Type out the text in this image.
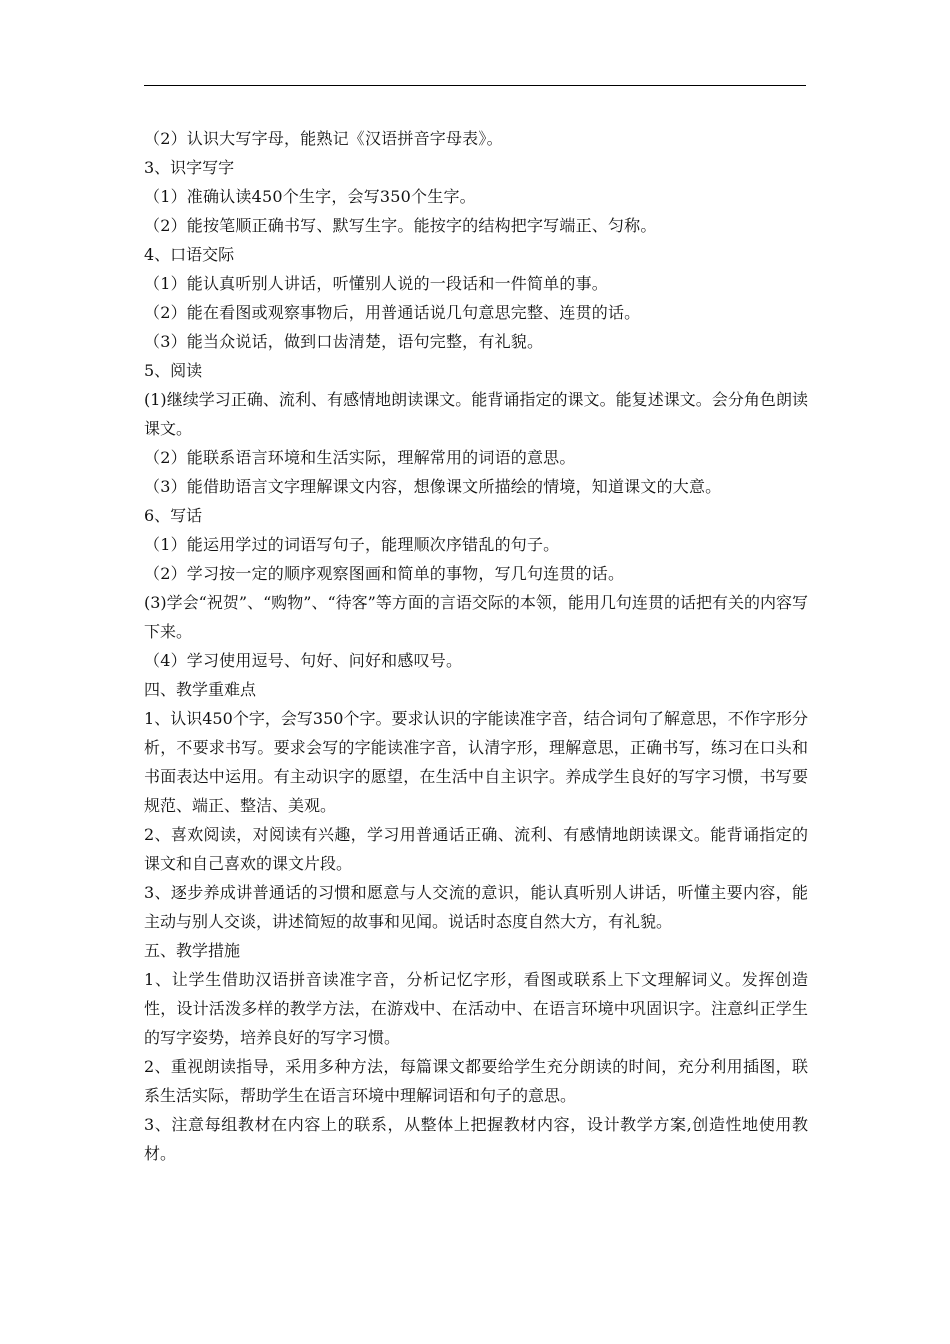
（2）认识大写字母，能熟记《汉语拼音字母表》。

3、识字写字

（1）准确认读450个生字，会写350个生字。

（2）能按笔顺正确书写、默写生字。能按字的结构把字写端正、匀称。

4、口语交际

（1）能认真听别人讲话，听懂别人说的一段话和一件简单的事。

（2）能在看图或观察事物后，用普通话说几句意思完整、连贯的话。

（3）能当众说话，做到口齿清楚，语句完整，有礼貌。

5、阅读

(1)继续学习正确、流利、有感情地朗读课文。能背诵指定的课文。能复述课文。会分角色朗读课文。

（2）能联系语言环境和生活实际，理解常用的词语的意思。

（3）能借助语言文字理解课文内容，想像课文所描绘的情境，知道课文的大意。

6、写话

（1）能运用学过的词语写句子，能理顺次序错乱的句子。

（2）学习按一定的顺序观察图画和简单的事物，写几句连贯的话。

(3)学会“祝贺”、“购物”、“待客”等方面的言语交际的本领，能用几句连贯的话把有关的内容写下来。

（4）学习使用逗号、句好、问好和感叹号。

四、教学重难点

1、认识450个字，会写350个字。要求认识的字能读准字音，结合词句了解意思，不作字形分析，不要求书写。要求会写的字能读准字音，认清字形，理解意思，正确书写，练习在口头和书面表达中运用。有主动识字的愿望，在生活中自主识字。养成学生良好的写字习惯，书写要规范、端正、整洁、美观。

2、喜欢阅读，对阅读有兴趣，学习用普通话正确、流利、有感情地朗读课文。能背诵指定的课文和自己喜欢的课文片段。

3、逐步养成讲普通话的习惯和愿意与人交流的意识，能认真听别人讲话，听懂主要内容，能主动与别人交谈，讲述简短的故事和见闻。说话时态度自然大方，有礼貌。

五、教学措施

1、让学生借助汉语拼音读准字音，分析记忆字形，看图或联系上下文理解词义。发挥创造性，设计活泼多样的教学方法，在游戏中、在活动中、在语言环境中巩固识字。注意纠正学生的写字姿势，培养良好的写字习惯。

2、重视朗读指导，采用多种方法，每篇课文都要给学生充分朗读的时间，充分利用插图，联系生活实际，帮助学生在语言环境中理解词语和句子的意思。

3、注意每组教材在内容上的联系，从整体上把握教材内容，设计教学方案,创造性地使用教材。
